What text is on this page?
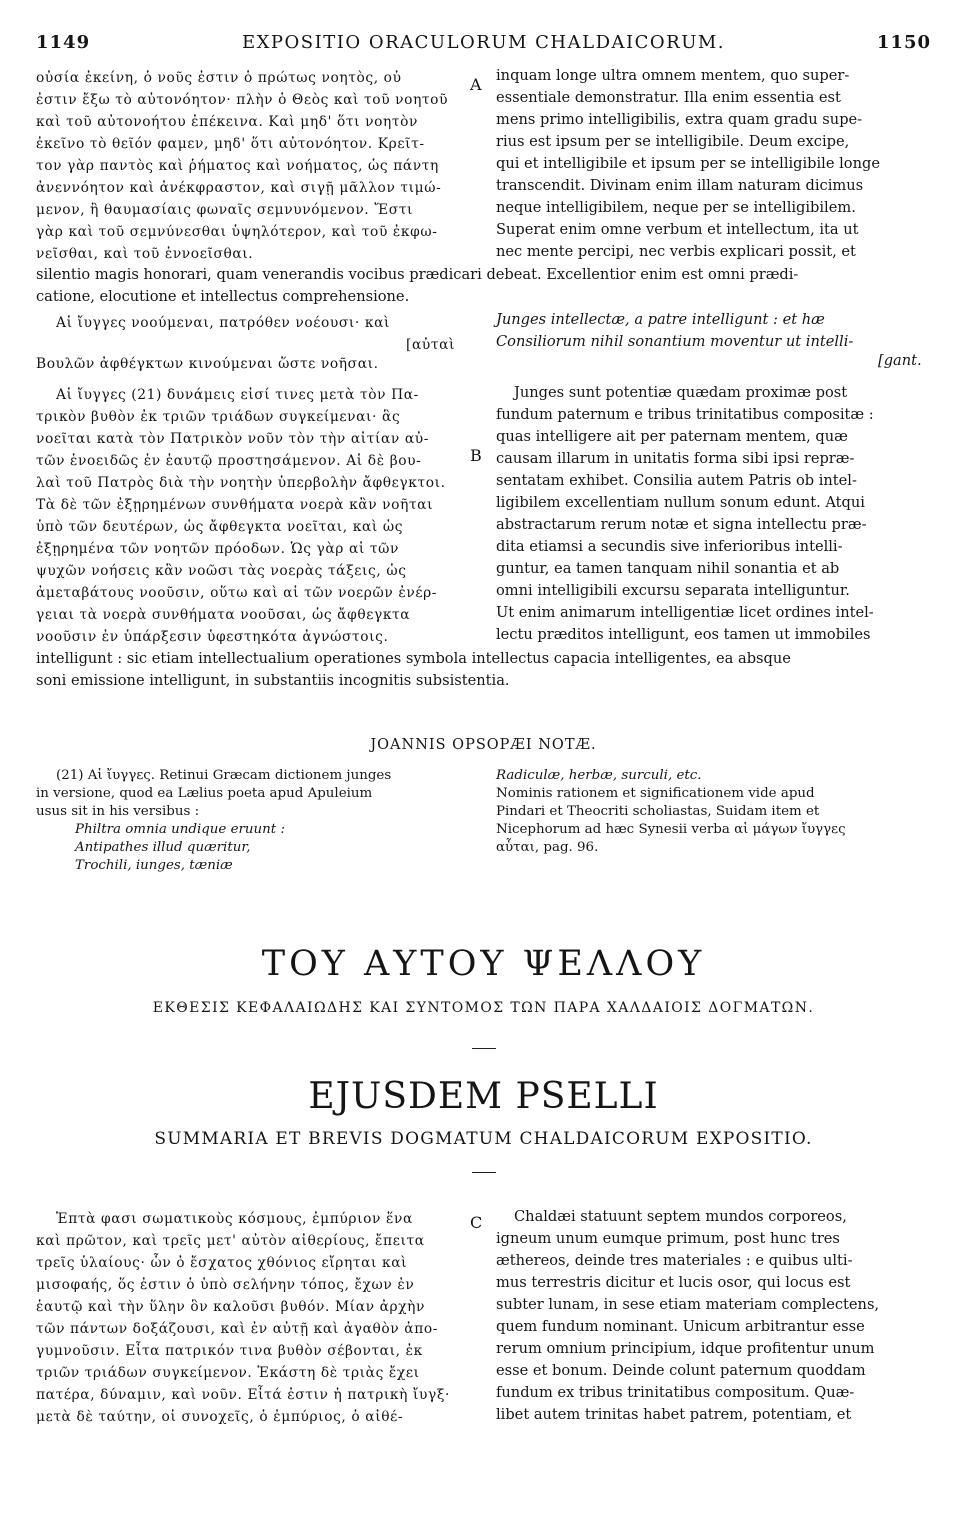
1149	EXPOSITIO ORACULORUM CHALDAICORUM.	1150
A
B
C
οὐσία ἐκείνη, ὁ νοῦς ἐστιν ὁ πρώτως νοητὸς, οὐ
ἐστιν ἔξω τὸ αὐτονόητον· πλὴν ὁ Θεὸς καὶ τοῦ νοητοῦ
καὶ τοῦ αὐτονοήτου ἐπέκεινα. Καὶ μηδ' ὅτι νοητὸν
ἐκεῖνο τὸ θεῖόν φαμεν, μηδ' ὅτι αὐτονόητον. Κρεῖτ-
τον γὰρ παντὸς καὶ ῥήματος καὶ νοήματος, ὡς πάντη
ἀνεννόητον καὶ ἀνέκφραστον, καὶ σιγῇ μᾶλλον τιμώ-
μενον, ἢ θαυμασίαις φωναῖς σεμνυνόμενον. Ἔστι
γὰρ καὶ τοῦ σεμνύνεσθαι ὑψηλότερον, καὶ τοῦ ἐκφω-
νεῖσθαι, καὶ τοῦ ἐννοεῖσθαι.
inquam longe ultra omnem mentem, quo super-
essentiale demonstratur. Illa enim essentia est
mens primo intelligibilis, extra quam gradu supe-
rius est ipsum per se intelligibile. Deum excipe,
qui et intelligibile et ipsum per se intelligibile longe
transcendit. Divinam enim illam naturam dicimus
neque intelligibilem, neque per se intelligibilem.
Superat enim omne verbum et intellectum, ita ut
nec mente percipi, nec verbis explicari possit, et
silentio magis honorari, quam venerandis vocibus prædicari debeat. Excellentior enim est omni prædi-
catione, elocutione et intellectus comprehensione.
Αἱ ἴυγγες νοούμεναι, πατρόθεν νοέουσι· καὶ
[αὐταὶ
Βουλῶν ἀφθέγκτων κινούμεναι ὥστε νοῆσαι.
Junges intellectæ, a patre intelligunt : et hæ
Consiliorum nihil sonantium moventur ut intelli-
[gant.
Αἱ ἴυγγες (21) δυνάμεις εἰσί τινες μετὰ τὸν Πα-
τρικὸν βυθὸν ἐκ τριῶν τριάδων συγκείμεναι· ἃς
νοεῖται κατὰ τὸν Πατρικὸν νοῦν τὸν τὴν αἰτίαν αὐ-
τῶν ἑνοειδῶς ἐν ἑαυτῷ προστησάμενον. Αἱ δὲ βου-
λαὶ τοῦ Πατρὸς διὰ τὴν νοητὴν ὑπερβολὴν ἄφθεγκτοι.
Τὰ δὲ τῶν ἐξῃρημένων συνθήματα νοερὰ κἂν νοῆται
ὑπὸ τῶν δευτέρων, ὡς ἄφθεγκτα νοεῖται, καὶ ὡς
ἐξῃρημένα τῶν νοητῶν πρόοδων. Ὡς γὰρ αἱ τῶν
ψυχῶν νοήσεις κἂν νοῶσι τὰς νοερὰς τάξεις, ὡς
ἀμεταβάτους νοοῦσιν, οὕτω καὶ αἱ τῶν νοερῶν ἐνέρ-
γειαι τὰ νοερὰ συνθήματα νοοῦσαι, ὡς ἄφθεγκτα
νοοῦσιν ἐν ὑπάρξεσιν ὑφεστηκότα ἀγνώστοις.
Junges sunt potentiæ quædam proximæ post
fundum paternum e tribus trinitatibus compositæ :
quas intelligere ait per paternam mentem, quæ
causam illarum in unitatis forma sibi ipsi repræ-
sentatam exhibet. Consilia autem Patris ob intel-
ligibilem excellentiam nullum sonum edunt. Atqui
abstractarum rerum notæ et signa intellectu præ-
dita etiamsi a secundis sive inferioribus intelli-
guntur, ea tamen tanquam nihil sonantia et ab
omni intelligibili excursu separata intelliguntur.
Ut enim animarum intelligentiæ licet ordines intel-
lectu præditos intelligunt, eos tamen ut immobiles
intelligunt : sic etiam intellectualium operationes symbola intellectus capacia intelligentes, ea absque
soni emissione intelligunt, in substantiis incognitis subsistentia.
JOANNIS OPSOPÆI NOTÆ.
(21) Αἱ ἴυγγες. Retinui Græcam dictionem junges
in versione, quod ea Lælius poeta apud Apuleium
usus sit in his versibus :
Philtra omnia undique eruunt :
Antipathes illud quæritur,
Trochili, iunges, tæniæ
Radiculæ, herbæ, surculi, etc.
Nominis rationem et significationem vide apud
Pindari et Theocriti scholiastas, Suidam item et
Nicephorum ad hæc Synesii verba αἱ μάγων ἴυγγες
αὗται, pag. 96.
ΤΟΥ ΑΥΤΟΥ ΨΕΛΛΟΥ
ΕΚΘΕΣΙΣ ΚΕΦΑΛΑΙΩΔΗΣ ΚΑΙ ΣΥΝΤΟΜΟΣ ΤΩΝ ΠΑΡΑ ΧΑΛΔΑΙΟΙΣ ΔΟΓΜΑΤΩΝ.
EJUSDEM PSELLI
SUMMARIA ET BREVIS DOGMATUM CHALDAICORUM EXPOSITIO.
Ἑπτὰ φασι σωματικοὺς κόσμους, ἐμπύριον ἕνα
καὶ πρῶτον, καὶ τρεῖς μετ' αὐτὸν αἰθερίους, ἔπειτα
τρεῖς ὑλαίους· ὧν ὁ ἔσχατος χθόνιος εἴρηται καὶ
μισοφαής, ὅς ἐστιν ὁ ὑπὸ σελήνην τόπος, ἔχων ἐν
ἑαυτῷ καὶ τὴν ὕλην ὃν καλοῦσι βυθόν. Μίαν ἀρχὴν
τῶν πάντων δοξάζουσι, καὶ ἐν αὐτῇ καὶ ἀγαθὸν ἀπο-
γυμνοῦσιν. Εἶτα πατρικόν τινα βυθὸν σέβονται, ἐκ
τριῶν τριάδων συγκείμενον. Ἑκάστη δὲ τριὰς ἔχει
πατέρα, δύναμιν, καὶ νοῦν. Εἶτά ἐστιν ἡ πατρικὴ ἴυγξ·
μετὰ δὲ ταύτην, οἱ συνοχεῖς, ὁ ἐμπύριος, ὁ αἰθέ-
Chaldæi statuunt septem mundos corporeos,
igneum unum eumque primum, post hunc tres
æthereos, deinde tres materiales : e quibus ulti-
mus terrestris dicitur et lucis osor, qui locus est
subter lunam, in sese etiam materiam complectens,
quem fundum nominant. Unicum arbitrantur esse
rerum omnium principium, idque profitentur unum
esse et bonum. Deinde colunt paternum quoddam
fundum ex tribus trinitatibus compositum. Quæ-
libet autem trinitas habet patrem, potentiam, et
